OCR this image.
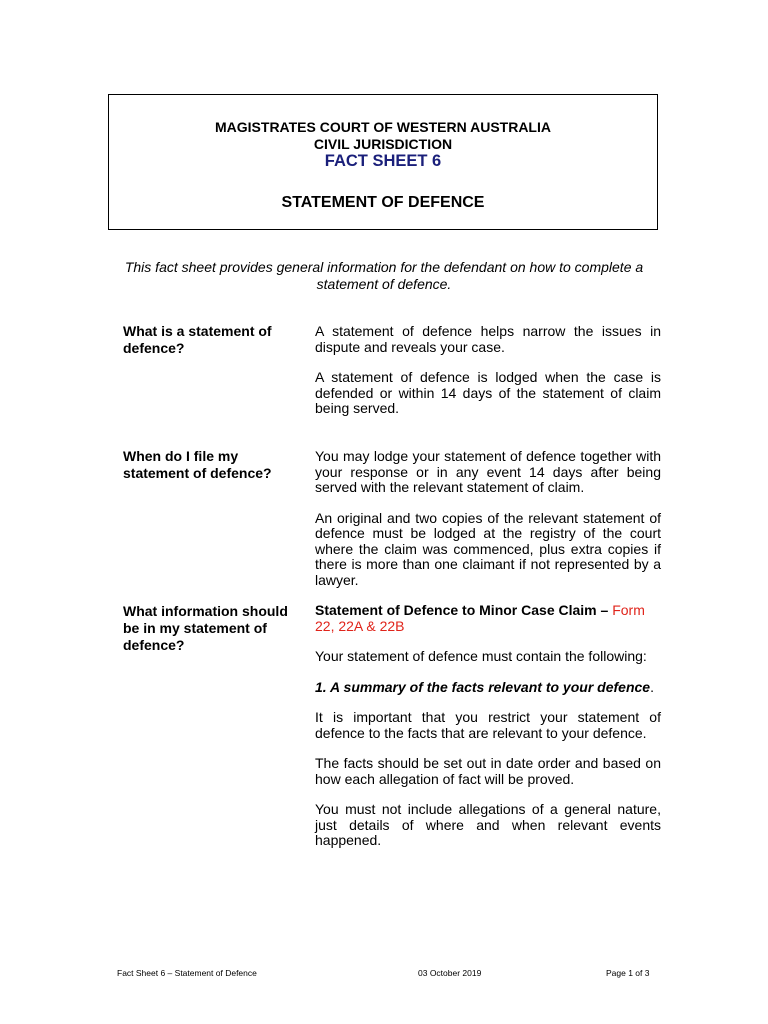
MAGISTRATES COURT OF WESTERN AUSTRALIA
CIVIL JURISDICTION
FACT SHEET 6
STATEMENT OF DEFENCE
This fact sheet provides general information for the defendant on how to complete a statement of defence.
What is a statement of defence?

A statement of defence helps narrow the issues in dispute and reveals your case.

A statement of defence is lodged when the case is defended or within 14 days of the statement of claim being served.

When do I file my statement of defence?

You may lodge your statement of defence together with your response or in any event 14 days after being served with the relevant statement of claim.

An original and two copies of the relevant statement of defence must be lodged at the registry of the court where the claim was commenced, plus extra copies if there is more than one claimant if not represented by a lawyer.

What information should be in my statement of defence?

Statement of Defence to Minor Case Claim – Form 22, 22A & 22B

Your statement of defence must contain the following:

1. A summary of the facts relevant to your defence.

It is important that you restrict your statement of defence to the facts that are relevant to your defence.

The facts should be set out in date order and based on how each allegation of fact will be proved.

You must not include allegations of a general nature, just details of where and when relevant events happened.

Fact Sheet 6 – Statement of Defence	03 October 2019	Page 1 of 3
